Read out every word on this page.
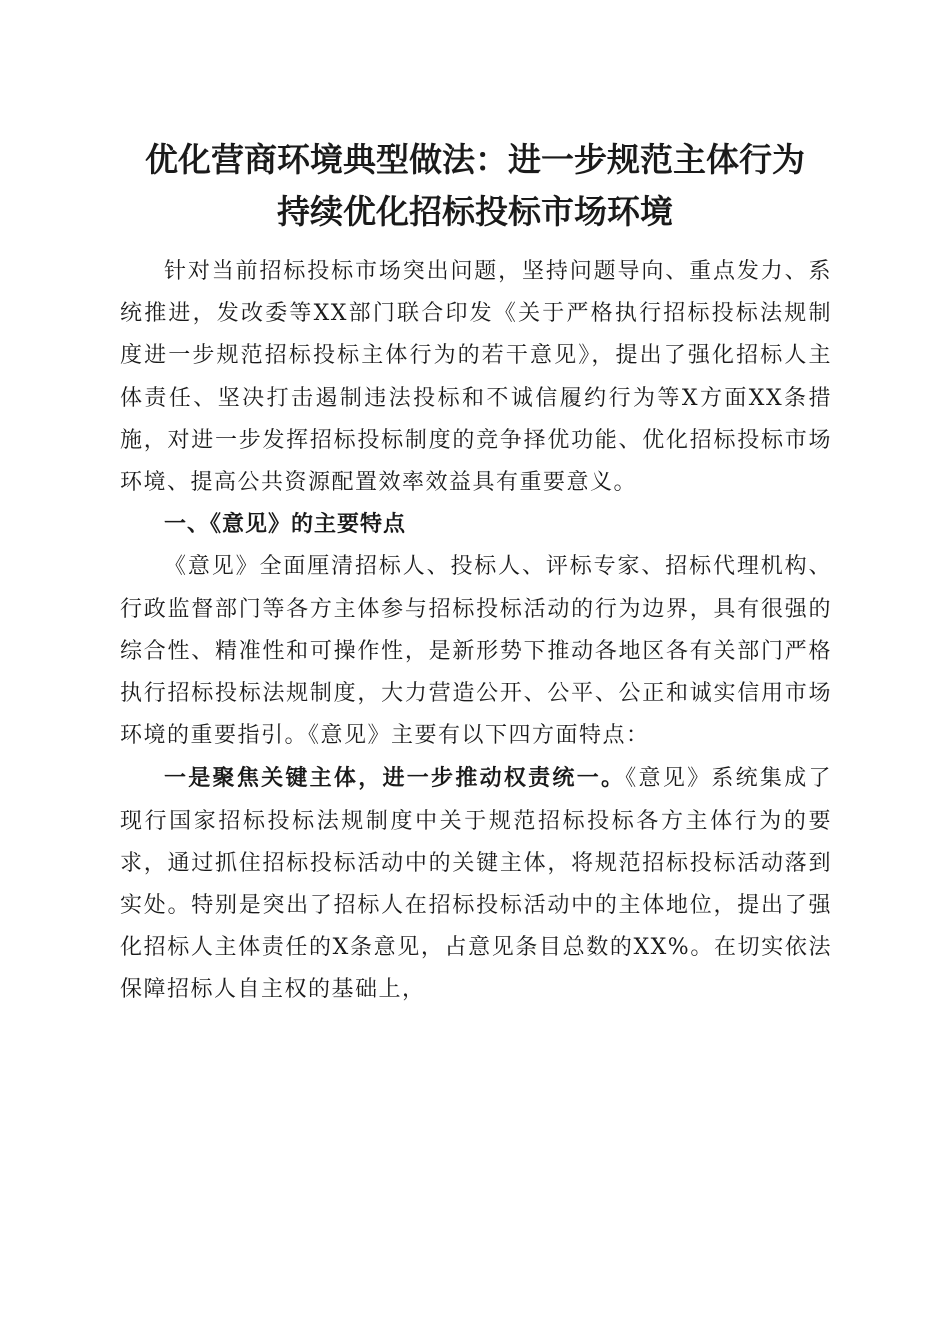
优化营商环境典型做法：进一步规范主体行为
持续优化招标投标市场环境

针对当前招标投标市场突出问题，坚持问题导向、重点发力、系统推进，发改委等XX部门联合印发《关于严格执行招标投标法规制度进一步规范招标投标主体行为的若干意见》，提出了强化招标人主体责任、坚决打击遏制违法投标和不诚信履约行为等X方面XX条措施，对进一步发挥招标投标制度的竞争择优功能、优化招标投标市场环境、提高公共资源配置效率效益具有重要意义。

一、《意见》的主要特点

《意见》全面厘清招标人、投标人、评标专家、招标代理机构、行政监督部门等各方主体参与招标投标活动的行为边界，具有很强的综合性、精准性和可操作性，是新形势下推动各地区各有关部门严格执行招标投标法规制度，大力营造公开、公平、公正和诚实信用市场环境的重要指引。《意见》主要有以下四方面特点：

一是聚焦关键主体，进一步推动权责统一。《意见》系统集成了现行国家招标投标法规制度中关于规范招标投标各方主体行为的要求，通过抓住招标投标活动中的关键主体，将规范招标投标活动落到实处。特别是突出了招标人在招标投标活动中的主体地位，提出了强化招标人主体责任的X条意见，占意见条目总数的XX%。在切实依法保障招标人自主权的基础上，
